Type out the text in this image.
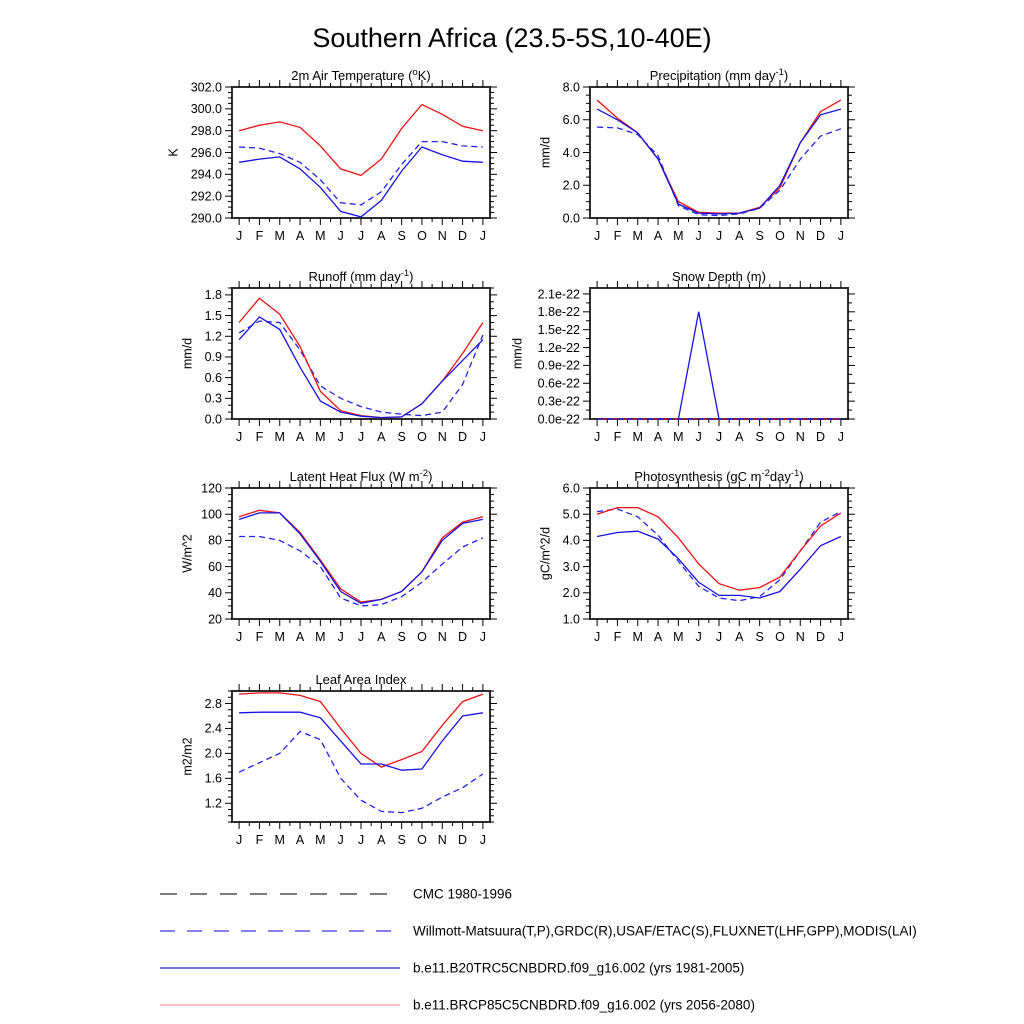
Southern Africa (23.5-5S,10-40E)
290.0
292.0
294.0
296.0
298.0
300.0
302.0
J F M A M J J A S O N D J
2m Air Temperature ($^o$K)
K
0.0
2.0
4.0
6.0
8.0
J F M A M J J A S O N D J
Precipitation (mm day$^{-1}$)
mm/d
0.0
0.3
0.6
0.9
1.2
1.5
1.8
J F M A M J J A S O N D J
Runoff (mm day$^{-1}$)
mm/d
0.0e-22
0.3e-22
0.6e-22
0.9e-22
1.2e-22
1.5e-22
1.8e-22
2.1e-22
J F M A M J J A S O N D J
Snow Depth (m)
mm/d
20
40
60
80
100
120
J F M A M J J A S O N D J
Latent Heat Flux (W $m^{-2}$)
W/m^2
1.0
2.0
3.0
4.0
5.0
6.0
J F M A M J J A S O N D J
Photosynthesis (gC $m^{-2}day^{-1}$)
gC/m^2/d
1.2
1.6
2.0
2.4
2.8
J F M A M J J A S O N D J
Leaf Area Index
m2/m2
CMC 1980-1996
Willmott-Matsuura(T,P),GRDC(R),USAF/ETAC(S),FLUXNET(LHF,GPP),MODIS(LAI)
b.e11.B20TRC5CNBDRD.f09_g16.002 (yrs 1981-2005)
b.e11.BRCP85C5CNBDRD.f09_g16.002 (yrs 2056-2080)
